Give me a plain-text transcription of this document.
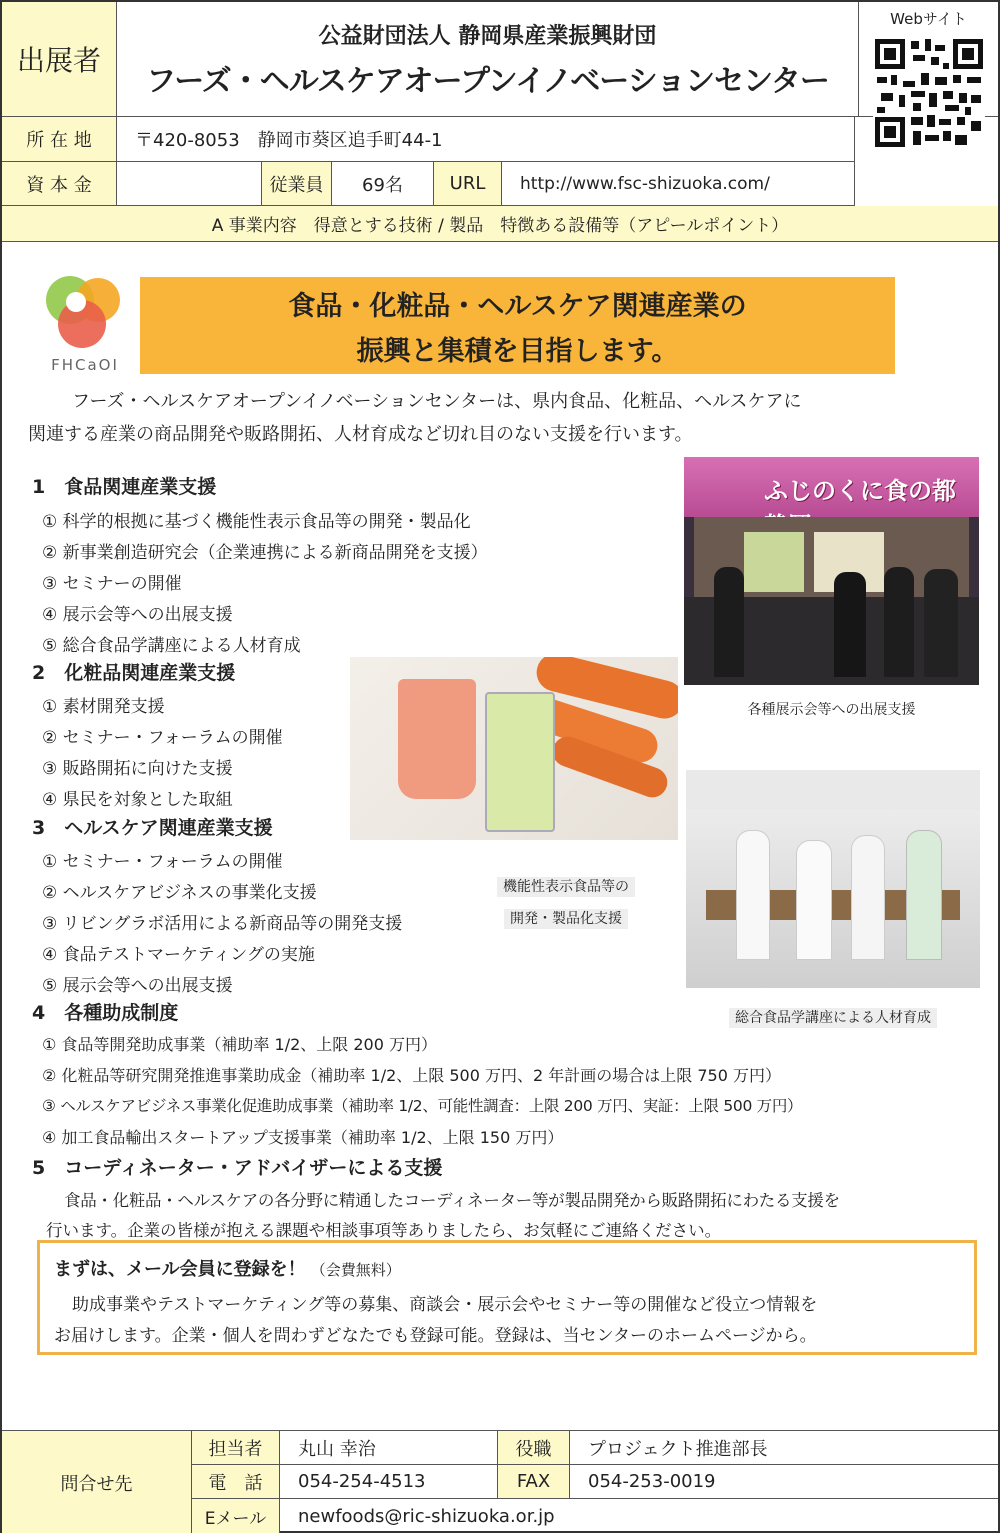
出展者
公益財団法人 静岡県産業振興財団
フーズ・ヘルスケアオープンイノベーションセンター
Webサイト
所 在 地 〒420-8053　静岡市葵区追手町44-1
資 本 金	従業員 69名	URL http://www.fsc-shizuoka.com/
A 事業内容　得意とする技術 / 製品　特徴ある設備等（アピールポイント）
FHCaOI
食品・化粧品・ヘルスケア関連産業の
振興と集積を目指します。
フーズ・ヘルスケアオープンイノベーションセンターは、県内食品、化粧品、ヘルスケアに
関連する産業の商品開発や販路開拓、人材育成など切れ目のない支援を行います。
1　食品関連産業支援
① 科学的根拠に基づく機能性表示食品等の開発・製品化
② 新事業創造研究会（企業連携による新商品開発を支援）
③ セミナーの開催
④ 展示会等への出展支援
⑤ 総合食品学講座による人材育成
2　化粧品関連産業支援
① 素材開発支援
② セミナー・フォーラムの開催
③ 販路開拓に向けた支援
④ 県民を対象とした取組
3　ヘルスケア関連産業支援
① セミナー・フォーラムの開催
② ヘルスケアビジネスの事業化支援
③ リビングラボ活用による新商品等の開発支援
④ 食品テストマーケティングの実施
⑤ 展示会等への出展支援
4　各種助成制度
① 食品等開発助成事業（補助率 1/2、上限 200 万円）
② 化粧品等研究開発推進事業助成金（補助率 1/2、上限 500 万円、2 年計画の場合は上限 750 万円）
③ ヘルスケアビジネス事業化促進助成事業（補助率 1/2、可能性調査：上限 200 万円、実証：上限 500 万円）
④ 加工食品輸出スタートアップ支援事業（補助率 1/2、上限 150 万円）
5　コーディネーター・アドバイザーによる支援
食品・化粧品・ヘルスケアの各分野に精通したコーディネーター等が製品開発から販路開拓にわたる支援を
行います。企業の皆様が抱える課題や相談事項等ありましたら、お気軽にご連絡ください。
ふじのくに食の都
各種展示会等への出展支援
機能性表示食品等の
開発・製品化支援
総合食品学講座による人材育成
まずは、メール会員に登録を！ （会費無料）
助成事業やテストマーケティング等の募集、商談会・展示会やセミナー等の開催など役立つ情報を
お届けします。企業・個人を問わずどなたでも登録可能。登録は、当センターのホームページから。
問合せ先
担当者 丸山 幸治	役職 プロジェクト推進部長
電　話 054-254-4513	FAX 054-253-0019
Eメール newfoods@ric-shizuoka.or.jp
